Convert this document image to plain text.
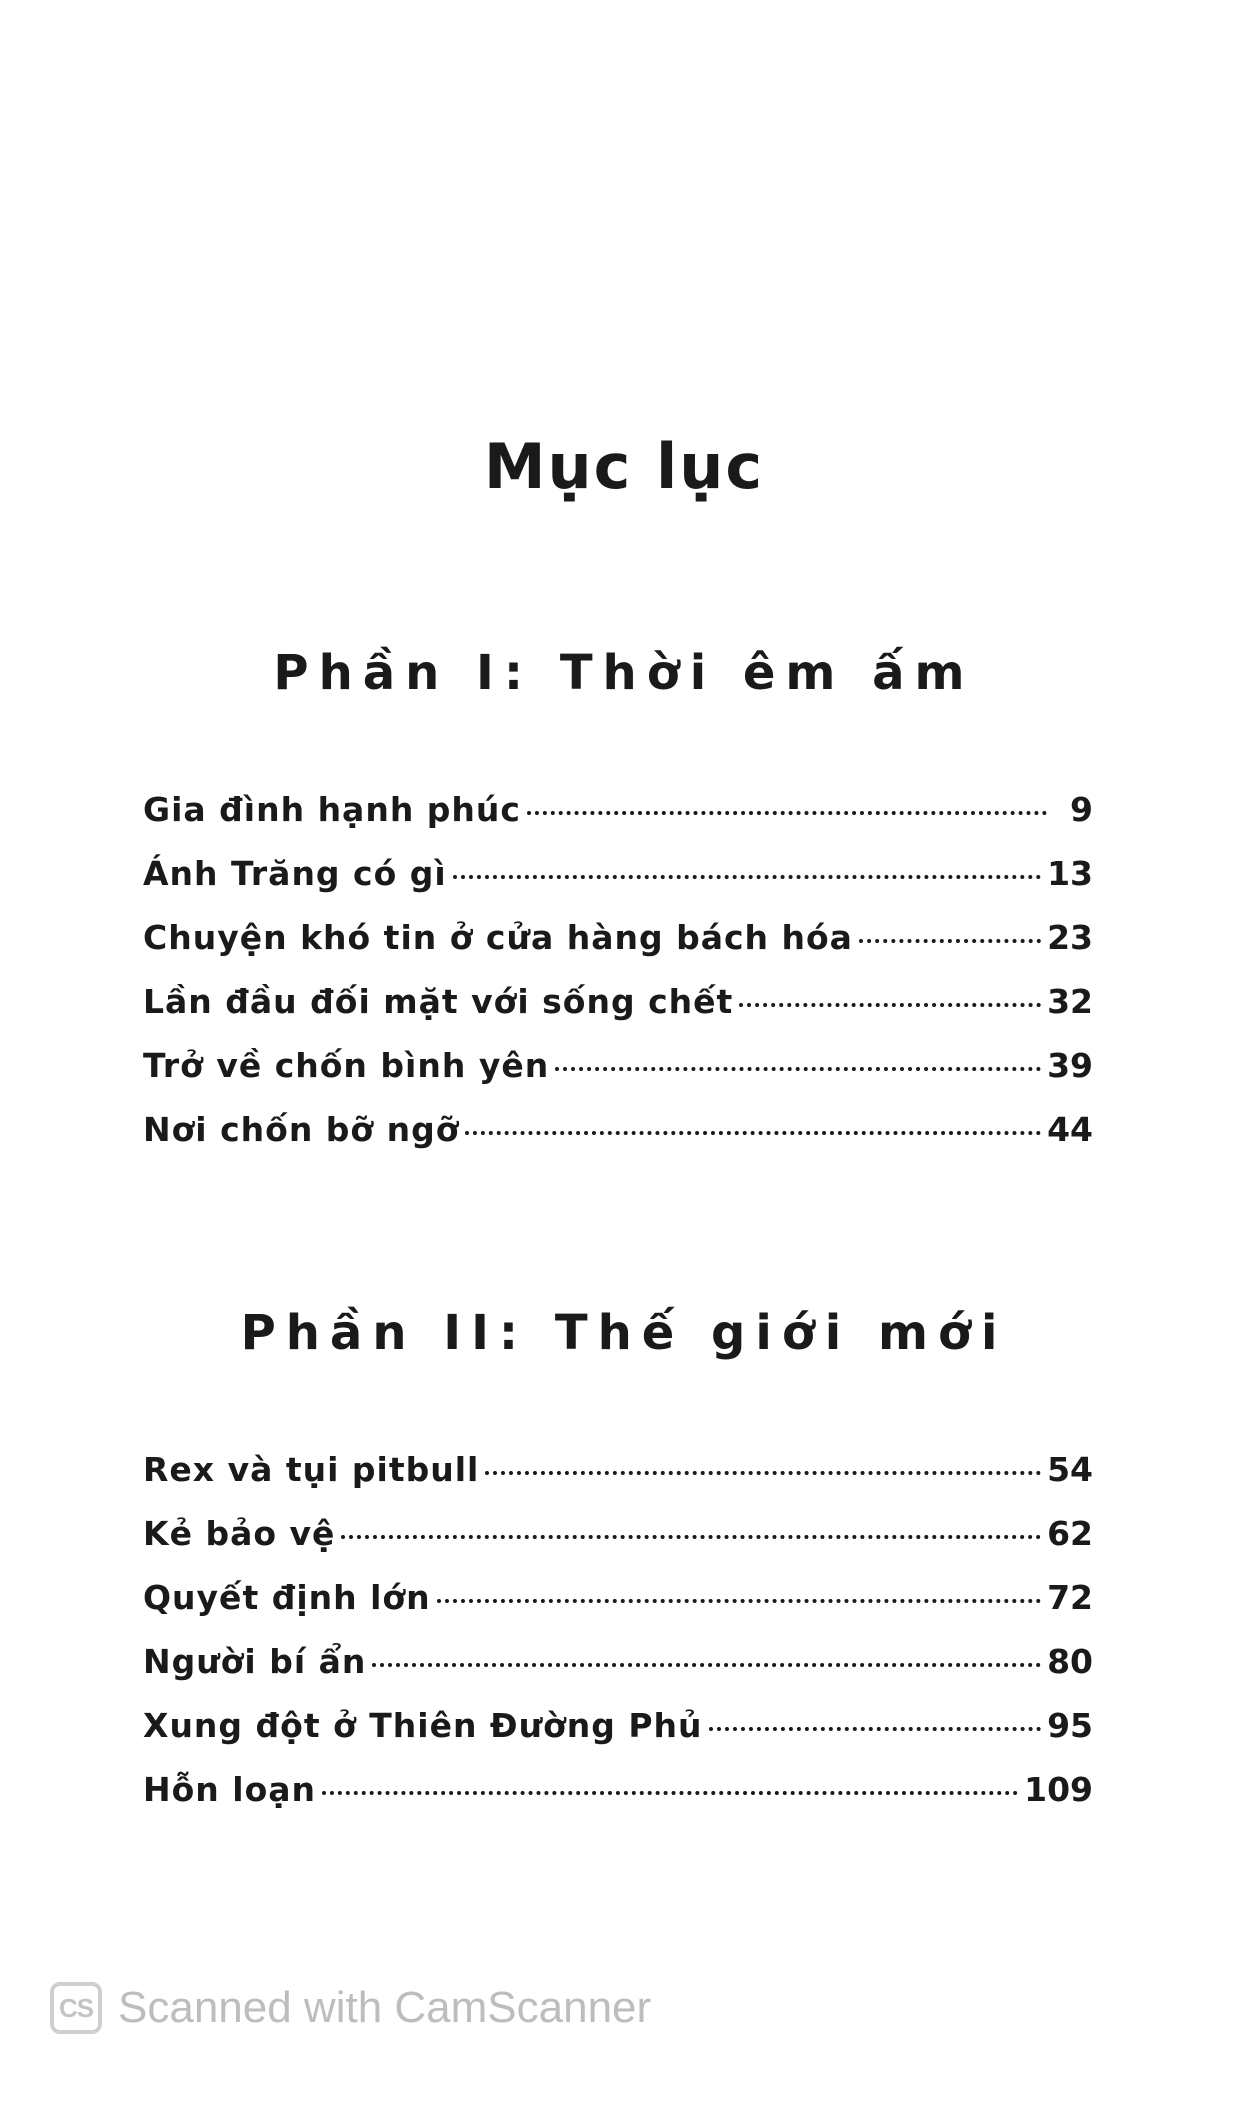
Mục lục
Phần I: Thời êm ấm
Gia đình hạnh phúc	9
Ánh Trăng có gì	13
Chuyện khó tin ở cửa hàng bách hóa	23
Lần đầu đối mặt với sống chết	32
Trở về chốn bình yên	39
Nơi chốn bỡ ngỡ	44
Phần II: Thế giới mới
Rex và tụi pitbull	54
Kẻ bảo vệ	62
Quyết định lớn	72
Người bí ẩn	80
Xung đột ở Thiên Đường Phủ	95
Hỗn loạn	109
CS Scanned with CamScanner
